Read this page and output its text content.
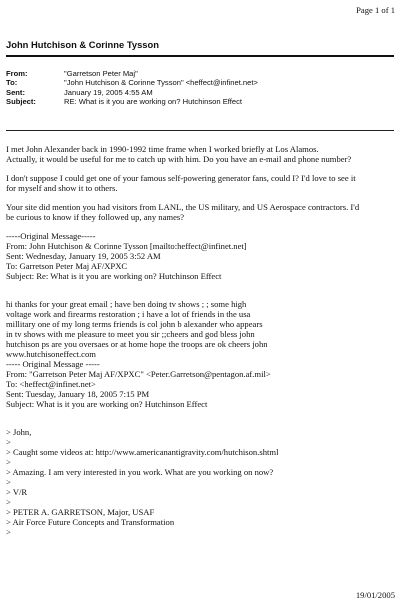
Page 1 of 1
John Hutchison & Corinne Tysson
From:	"Garretson Peter Maj"
To:	"John Hutchison & Corinne Tysson" <heffect@infinet.net>
Sent:	January 19, 2005 4:55 AM
Subject:	RE: What is it you are working on? Hutchinson Effect
I met John Alexander back in 1990-1992 time frame when I worked briefly at Los Alamos.
Actually, it would be useful for me to catch up with him. Do you have an e-mail and phone number?
I don't suppose I could get one of your famous self-powering generator fans, could I? I'd love to see it
for myself and show it to others.
Your site did mention you had visitors from LANL, the US military, and US Aerospace contractors. I'd
be curious to know if they followed up, any names?
-----Original Message-----
From: John Hutchison & Corinne Tysson [mailto:heffect@infinet.net]
Sent: Wednesday, January 19, 2005 3:52 AM
To: Garretson Peter Maj AF/XPXC
Subject: Re: What is it you are working on? Hutchinson Effect
hi thanks for your great email ; have ben doing tv shows ; ; some high
voltage work and firearms restoration ; i have a lot of friends in the usa
millitary one of my long terms friends is col john b alexander who appears
in tv shows with me pleasure to meet you sir ;;cheers and god bless john
hutchison ps are you oversaes or at home hope the troops are ok cheers john
www.hutchisoneffect.com
----- Original Message -----
From: "Garretson Peter Maj AF/XPXC" <Peter.Garretson@pentagon.af.mil>
To: <heffect@infinet.net>
Sent: Tuesday, January 18, 2005 7:15 PM
Subject: What is it you are working on? Hutchinson Effect
> John,
>
> Caught some videos at: http://www.americanantigravity.com/hutchison.shtml
>
> Amazing. I am very interested in you work. What are you working on now?
>
> V/R
>
> PETER A. GARRETSON, Major, USAF
> Air Force Future Concepts and Transformation
>
19/01/2005
